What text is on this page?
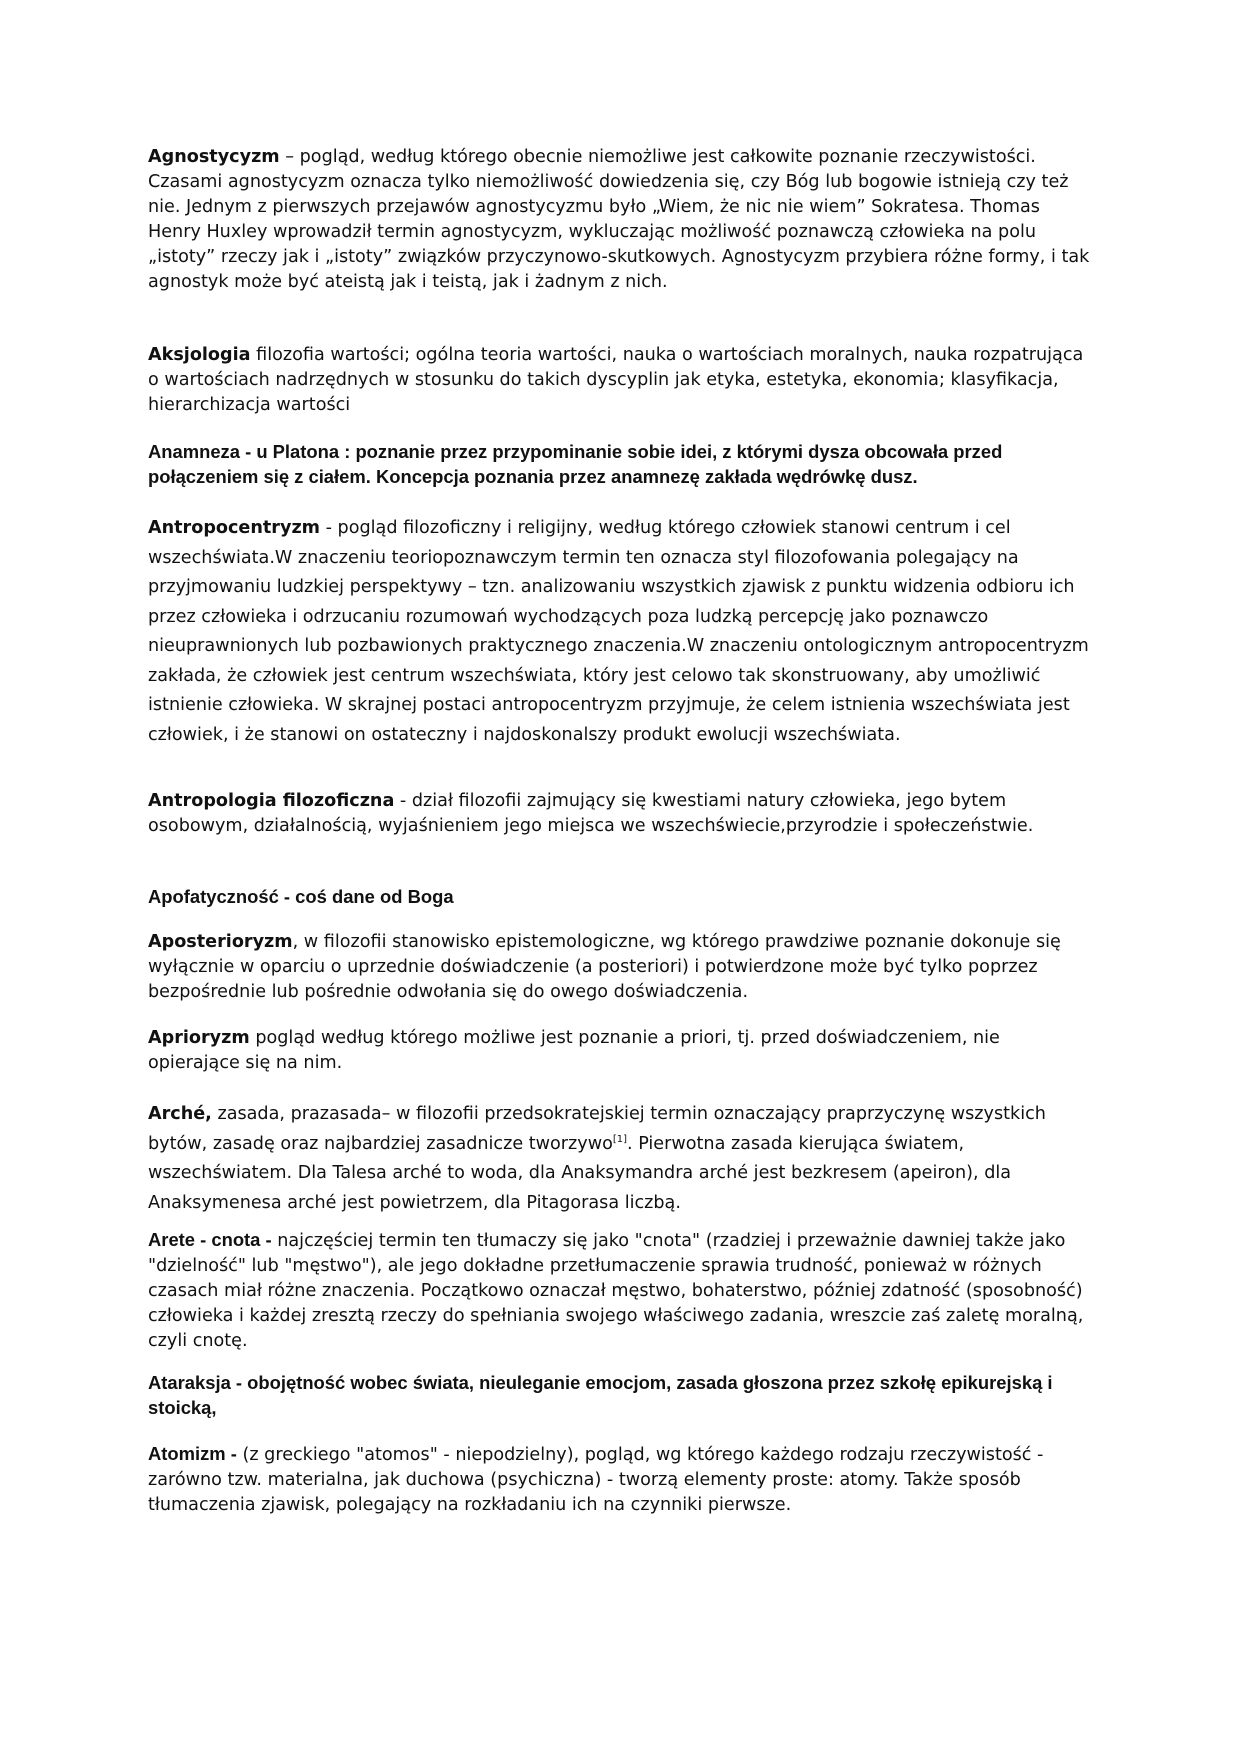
Agnostycyzm – pogląd, według którego obecnie niemożliwe jest całkowite poznanie rzeczywistości. Czasami agnostycyzm oznacza tylko niemożliwość dowiedzenia się, czy Bóg lub bogowie istnieją czy też nie. Jednym z pierwszych przejawów agnostycyzmu było „Wiem, że nic nie wiem” Sokratesa. Thomas Henry Huxley wprowadził termin agnostycyzm, wykluczając możliwość poznawczą człowieka na polu „istoty” rzeczy jak i „istoty” związków przyczynowo-skutkowych. Agnostycyzm przybiera różne formy, i tak agnostyk może być ateistą jak i teistą, jak i żadnym z nich.

Aksjologia filozofia wartości; ogólna teoria wartości, nauka o wartościach moralnych, nauka rozpatrująca o wartościach nadrzędnych w stosunku do takich dyscyplin jak etyka, estetyka, ekonomia; klasyfikacja, hierarchizacja wartości

Anamneza - u Platona : poznanie przez przypominanie sobie idei, z którymi dysza obcowała przed połączeniem się z ciałem. Koncepcja poznania przez anamnezę zakłada wędrówkę dusz.

Antropocentryzm - pogląd filozoficzny i religijny, według którego człowiek stanowi centrum i cel wszechświata.W znaczeniu teoriopoznawczym termin ten oznacza styl filozofowania polegający na przyjmowaniu ludzkiej perspektywy – tzn. analizowaniu wszystkich zjawisk z punktu widzenia odbioru ich przez człowieka i odrzucaniu rozumowań wychodzących poza ludzką percepcję jako poznawczo nieuprawnionych lub pozbawionych praktycznego znaczenia.W znaczeniu ontologicznym antropocentryzm zakłada, że człowiek jest centrum wszechświata, który jest celowo tak skonstruowany, aby umożliwić istnienie człowieka. W skrajnej postaci antropocentryzm przyjmuje, że celem istnienia wszechświata jest człowiek, i że stanowi on ostateczny i najdoskonalszy produkt ewolucji wszechświata.

Antropologia filozoficzna - dział filozofii zajmujący się kwestiami natury człowieka, jego bytem osobowym, działalnością, wyjaśnieniem jego miejsca we wszechświecie,przyrodzie i społeczeństwie.

Apofatyczność - coś dane od Boga

Aposterioryzm, w filozofii stanowisko epistemologiczne, wg którego prawdziwe poznanie dokonuje się wyłącznie w oparciu o uprzednie doświadczenie (a posteriori) i potwierdzone może być tylko poprzez bezpośrednie lub pośrednie odwołania się do owego doświadczenia.

Aprioryzm pogląd według którego możliwe jest poznanie a priori, tj. przed doświadczeniem, nie opierające się na nim.

Arché, zasada, prazasada– w filozofii przedsokratejskiej termin oznaczający praprzyczynę wszystkich bytów, zasadę oraz najbardziej zasadnicze tworzywo[1]. Pierwotna zasada kierująca światem, wszechświatem. Dla Talesa arché to woda, dla Anaksymandra arché jest bezkresem (apeiron), dla Anaksymenesa arché jest powietrzem, dla Pitagorasa liczbą.

Arete - cnota - najczęściej termin ten tłumaczy się jako "cnota" (rzadziej i przeważnie dawniej także jako "dzielność" lub "męstwo"), ale jego dokładne przetłumaczenie sprawia trudność, ponieważ w różnych czasach miał różne znaczenia. Początkowo oznaczał męstwo, bohaterstwo, później zdatność (sposobność) człowieka i każdej zresztą rzeczy do spełniania swojego właściwego zadania, wreszcie zaś zaletę moralną, czyli cnotę.

Ataraksja - obojętność wobec świata, nieuleganie emocjom, zasada głoszona przez szkołę epikurejską i stoicką,

Atomizm - (z greckiego "atomos" - niepodzielny), pogląd, wg którego każdego rodzaju rzeczywistość - zarówno tzw. materialna, jak duchowa (psychiczna) - tworzą elementy proste: atomy. Także sposób tłumaczenia zjawisk, polegający na rozkładaniu ich na czynniki pierwsze.
